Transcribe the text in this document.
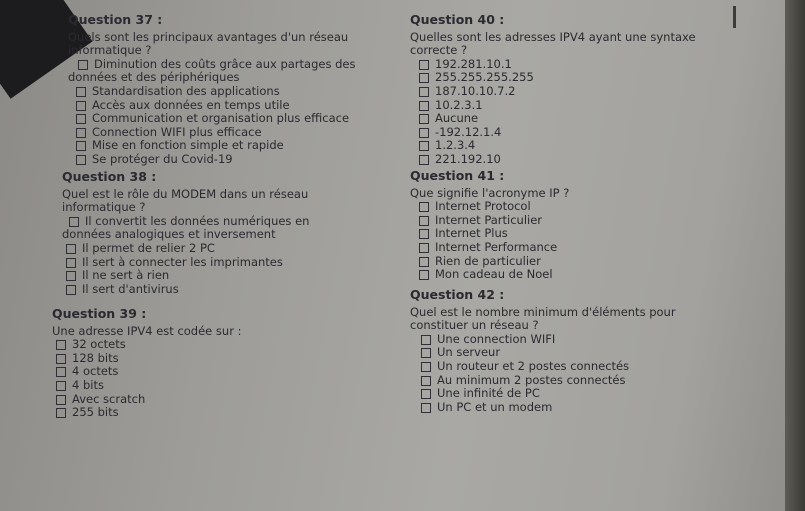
Question 37 :
Quels sont les principaux avantages d'un réseau
informatique ?
Diminution des coûts grâce aux partages des
données et des périphériques
Standardisation des applications
Accès aux données en temps utile
Communication et organisation plus efficace
Connection WIFI plus efficace
Mise en fonction simple et rapide
Se protéger du Covid-19
Question 38 :
Quel est le rôle du MODEM dans un réseau
informatique ?
Il convertit les données numériques en
données analogiques et inversement
Il permet de relier 2 PC
Il sert à connecter les imprimantes
Il ne sert à rien
Il sert d'antivirus
Question 39 :
Une adresse IPV4 est codée sur :
32 octets
128 bits
4 octets
4 bits
Avec scratch
255 bits
Question 40 :
Quelles sont les adresses IPV4 ayant une syntaxe
correcte ?
192.281.10.1
255.255.255.255
187.10.10.7.2
10.2.3.1
Aucune
-192.12.1.4
1.2.3.4
221.192.10
Question 41 :
Que signifie l'acronyme IP ?
Internet Protocol
Internet Particulier
Internet Plus
Internet Performance
Rien de particulier
Mon cadeau de Noel
Question 42 :
Quel est le nombre minimum d'éléments pour
constituer un réseau ?
Une connection WIFI
Un serveur
Un routeur et 2 postes connectés
Au minimum 2 postes connectés
Une infinité de PC
Un PC et un modem
